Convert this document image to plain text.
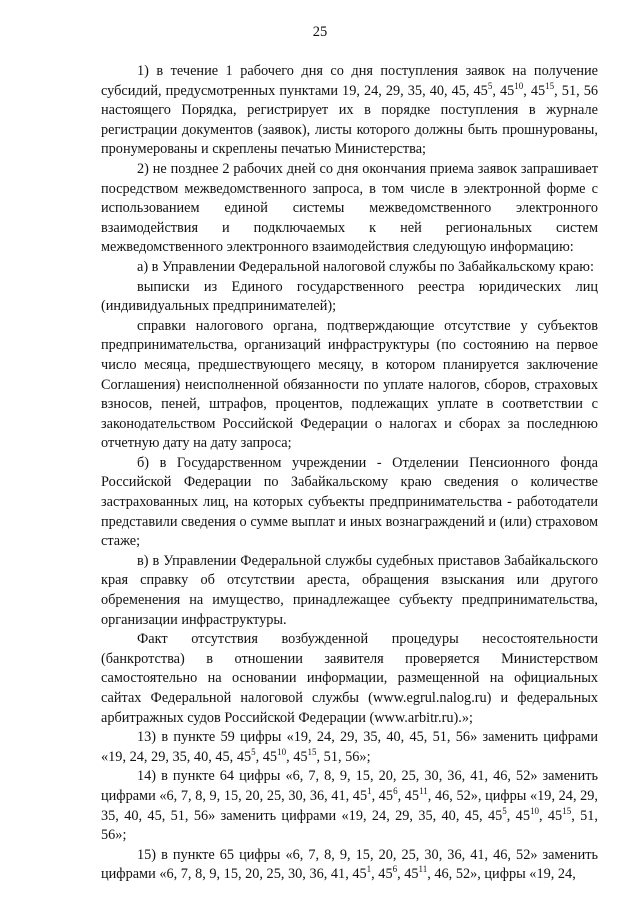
25

1) в течение 1 рабочего дня со дня поступления заявок на получение субсидий, предусмотренных пунктами 19, 24, 29, 35, 40, 45, $45^5$, $45^{10}$, $45^{15}$, 51, 56 настоящего Порядка, регистрирует их в порядке поступления в журнале регистрации документов (заявок), листы которого должны быть прошнурованы, пронумерованы и скреплены печатью Министерства;

2) не позднее 2 рабочих дней со дня окончания приема заявок запрашивает посредством межведомственного запроса, в том числе в электронной форме с использованием единой системы межведомственного электронного взаимодействия и подключаемых к ней региональных систем межведомственного электронного взаимодействия следующую информацию:

а) в Управлении Федеральной налоговой службы по Забайкальскому краю:

выписки из Единого государственного реестра юридических лиц (индивидуальных предпринимателей);

справки налогового органа, подтверждающие отсутствие у субъектов предпринимательства, организаций инфраструктуры (по состоянию на первое число месяца, предшествующего месяцу, в котором планируется заключение Соглашения) неисполненной обязанности по уплате налогов, сборов, страховых взносов, пеней, штрафов, процентов, подлежащих уплате в соответствии с законодательством Российской Федерации о налогах и сборах за последнюю отчетную дату на дату запроса;

б) в Государственном учреждении - Отделении Пенсионного фонда Российской Федерации по Забайкальскому краю сведения о количестве застрахованных лиц, на которых субъекты предпринимательства - работодатели представили сведения о сумме выплат и иных вознаграждений и (или) страховом стаже;

в) в Управлении Федеральной службы судебных приставов Забайкальского края справку об отсутствии ареста, обращения взыскания или другого обременения на имущество, принадлежащее субъекту предпринимательства, организации инфраструктуры.

Факт отсутствия возбужденной процедуры несостоятельности (банкротства) в отношении заявителя проверяется Министерством самостоятельно на основании информации, размещенной на официальных сайтах Федеральной налоговой службы (www.egrul.nalog.ru) и федеральных арбитражных судов Российской Федерации (www.arbitr.ru).»;

13) в пункте 59 цифры «19, 24, 29, 35, 40, 45, 51, 56» заменить цифрами «19, 24, 29, 35, 40, 45, $45^5$, $45^{10}$, $45^{15}$, 51, 56»;

14) в пункте 64 цифры «6, 7, 8, 9, 15, 20, 25, 30, 36, 41, 46, 52» заменить цифрами «6, 7, 8, 9, 15, 20, 25, 30, 36, 41, $45^1$, $45^6$, $45^{11}$, 46, 52», цифры «19, 24, 29, 35, 40, 45, 51, 56» заменить цифрами «19, 24, 29, 35, 40, 45, $45^5$, $45^{10}$, $45^{15}$, 51, 56»;

15) в пункте 65 цифры «6, 7, 8, 9, 15, 20, 25, 30, 36, 41, 46, 52» заменить цифрами «6, 7, 8, 9, 15, 20, 25, 30, 36, 41, $45^1$, $45^6$, $45^{11}$, 46, 52», цифры «19, 24,
